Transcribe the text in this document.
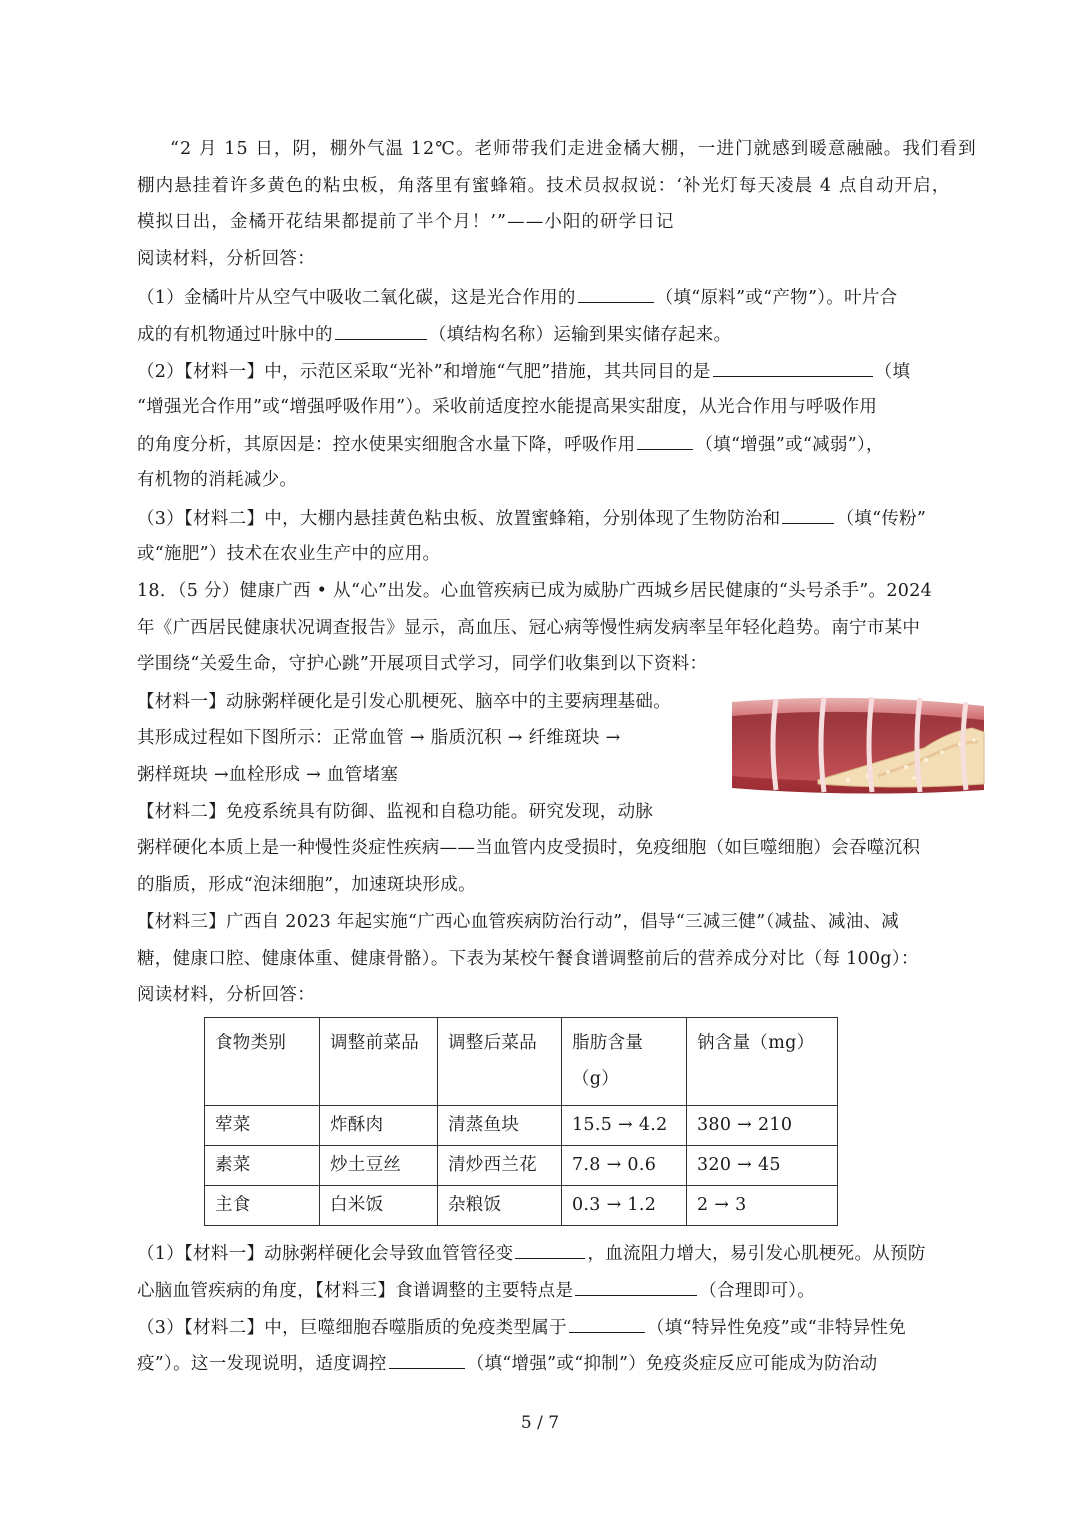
“2 月 15 日，阴，棚外气温 12℃。老师带我们走进金橘大棚，一进门就感到暖意融融。我们看到
棚内悬挂着许多黄色的粘虫板，角落里有蜜蜂箱。技术员叔叔说：‘补光灯每天凌晨 4 点自动开启，
模拟日出，金橘开花结果都提前了半个月！’”——小阳的研学日记
阅读材料，分析回答：
（1）金橘叶片从空气中吸收二氧化碳，这是光合作用的	（填“原料”或“产物”）。叶片合
成的有机物通过叶脉中的	（填结构名称）运输到果实储存起来。
（2）【材料一】中，示范区采取“光补”和增施“气肥”措施，其共同目的是	（填
“增强光合作用”或“增强呼吸作用”）。采收前适度控水能提高果实甜度，从光合作用与呼吸作用
的角度分析，其原因是：控水使果实细胞含水量下降，呼吸作用	（填“增强”或“减弱”），
有机物的消耗减少。
（3）【材料二】中，大棚内悬挂黄色粘虫板、放置蜜蜂箱，分别体现了生物防治和	（填“传粉”
或“施肥”）技术在农业生产中的应用。
18．（5 分）健康广西 • 从“心”出发。心血管疾病已成为威胁广西城乡居民健康的“头号杀手”。2024
年《广西居民健康状况调查报告》显示，高血压、冠心病等慢性病发病率呈年轻化趋势。南宁市某中
学围绕“关爱生命，守护心跳”开展项目式学习，同学们收集到以下资料：
【材料一】动脉粥样硬化是引发心肌梗死、脑卒中的主要病理基础。
其形成过程如下图所示：正常血管 → 脂质沉积 → 纤维斑块 →
粥样斑块 →血栓形成 → 血管堵塞
【材料二】免疫系统具有防御、监视和自稳功能。研究发现，动脉
粥样硬化本质上是一种慢性炎症性疾病——当血管内皮受损时，免疫细胞（如巨噬细胞）会吞噬沉积
的脂质，形成“泡沫细胞”，加速斑块形成。
【材料三】广西自 2023 年起实施“广西心血管疾病防治行动”，倡导“三减三健”（减盐、减油、减
糖，健康口腔、健康体重、健康骨骼）。下表为某校午餐食谱调整前后的营养成分对比（每 100g）：
阅读材料，分析回答：
食物类别	调整前菜品	调整后菜品	脂肪含量（g）	钠含量（mg）
荤菜	炸酥肉	清蒸鱼块	15.5 → 4.2	380 → 210
素菜	炒土豆丝	清炒西兰花	7.8 → 0.6	320 → 45
主食	白米饭	杂粮饭	0.3 → 1.2	2 → 3
（1）【材料一】动脉粥样硬化会导致血管管径变	，血流阻力增大，易引发心肌梗死。从预防
心脑血管疾病的角度，【材料三】食谱调整的主要特点是	（合理即可）。
（3）【材料二】中，巨噬细胞吞噬脂质的免疫类型属于	（填“特异性免疫”或“非特异性免
疫”）。这一发现说明，适度调控	（填“增强”或“抑制”）免疫炎症反应可能成为防治动
5 / 7
